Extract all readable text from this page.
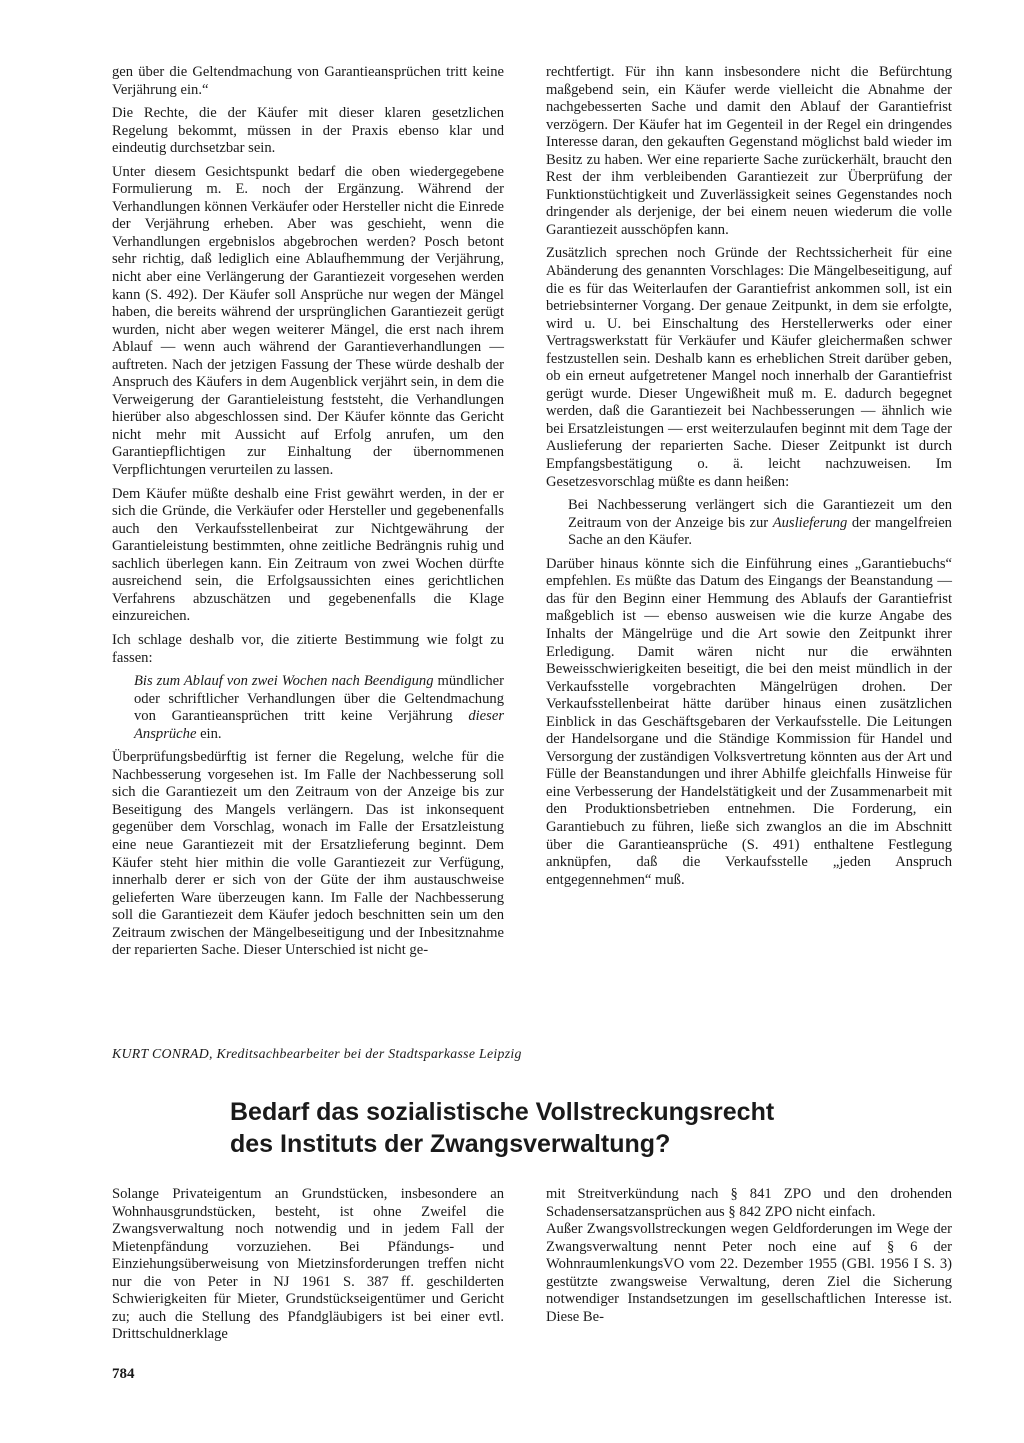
gen über die Geltendmachung von Garantieansprüchen tritt keine Verjährung ein.“

Die Rechte, die der Käufer mit dieser klaren gesetzlichen Regelung bekommt, müssen in der Praxis ebenso klar und eindeutig durchsetzbar sein.

Unter diesem Gesichtspunkt bedarf die oben wiedergegebene Formulierung m. E. noch der Ergänzung. Während der Verhandlungen können Verkäufer oder Hersteller nicht die Einrede der Verjährung erheben. Aber was geschieht, wenn die Verhandlungen ergebnislos abgebrochen werden? Posch betont sehr richtig, daß lediglich eine Ablaufhemmung der Verjährung, nicht aber eine Verlängerung der Garantiezeit vorgesehen werden kann (S. 492). Der Käufer soll Ansprüche nur wegen der Mängel haben, die bereits während der ursprünglichen Garantiezeit gerügt wurden, nicht aber wegen weiterer Mängel, die erst nach ihrem Ablauf — wenn auch während der Garantieverhandlungen — auftreten. Nach der jetzigen Fassung der These würde deshalb der Anspruch des Käufers in dem Augenblick verjährt sein, in dem die Verweigerung der Garantieleistung feststeht, die Verhandlungen hierüber also abgeschlossen sind. Der Käufer könnte das Gericht nicht mehr mit Aussicht auf Erfolg anrufen, um den Garantiepflichtigen zur Einhaltung der übernommenen Verpflichtungen verurteilen zu lassen.

Dem Käufer müßte deshalb eine Frist gewährt werden, in der er sich die Gründe, die Verkäufer oder Hersteller und gegebenenfalls auch den Verkaufsstellenbeirat zur Nichtgewährung der Garantieleistung bestimmten, ohne zeitliche Bedrängnis ruhig und sachlich überlegen kann. Ein Zeitraum von zwei Wochen dürfte ausreichend sein, die Erfolgsaussichten eines gerichtlichen Verfahrens abzuschätzen und gegebenenfalls die Klage einzureichen.

Ich schlage deshalb vor, die zitierte Bestimmung wie folgt zu fassen:

Bis zum Ablauf von zwei Wochen nach Beendigung mündlicher oder schriftlicher Verhandlungen über die Geltendmachung von Garantieansprüchen tritt keine Verjährung dieser Ansprüche ein.

Überprüfungsbedürftig ist ferner die Regelung, welche für die Nachbesserung vorgesehen ist. Im Falle der Nachbesserung soll sich die Garantiezeit um den Zeitraum von der Anzeige bis zur Beseitigung des Mangels verlängern. Das ist inkonsequent gegenüber dem Vorschlag, wonach im Falle der Ersatzleistung eine neue Garantiezeit mit der Ersatzlieferung beginnt. Dem Käufer steht hier mithin die volle Garantiezeit zur Verfügung, innerhalb derer er sich von der Güte der ihm austauschweise gelieferten Ware überzeugen kann. Im Falle der Nachbesserung soll die Garantiezeit dem Käufer jedoch beschnitten sein um den Zeitraum zwischen der Mängelbeseitigung und der Inbesitznahme der reparierten Sache. Dieser Unterschied ist nicht ge-

rechtfertigt. Für ihn kann insbesondere nicht die Befürchtung maßgebend sein, ein Käufer werde vielleicht die Abnahme der nachgebesserten Sache und damit den Ablauf der Garantiefrist verzögern. Der Käufer hat im Gegenteil in der Regel ein dringendes Interesse daran, den gekauften Gegenstand möglichst bald wieder im Besitz zu haben. Wer eine reparierte Sache zurückerhält, braucht den Rest der ihm verbleibenden Garantiezeit zur Überprüfung der Funktionstüchtigkeit und Zuverlässigkeit seines Gegenstandes noch dringender als derjenige, der bei einem neuen wiederum die volle Garantiezeit ausschöpfen kann.

Zusätzlich sprechen noch Gründe der Rechtssicherheit für eine Abänderung des genannten Vorschlages: Die Mängelbeseitigung, auf die es für das Weiterlaufen der Garantiefrist ankommen soll, ist ein betriebsinterner Vorgang. Der genaue Zeitpunkt, in dem sie erfolgte, wird u. U. bei Einschaltung des Herstellerwerks oder einer Vertragswerkstatt für Verkäufer und Käufer gleichermaßen schwer festzustellen sein. Deshalb kann es erheblichen Streit darüber geben, ob ein erneut aufgetretener Mangel noch innerhalb der Garantiefrist gerügt wurde. Dieser Ungewißheit muß m. E. dadurch begegnet werden, daß die Garantiezeit bei Nachbesserungen — ähnlich wie bei Ersatzleistungen — erst weiterzulaufen beginnt mit dem Tage der Auslieferung der reparierten Sache. Dieser Zeitpunkt ist durch Empfangsbestätigung o. ä. leicht nachzuweisen. Im Gesetzesvorschlag müßte es dann heißen:

Bei Nachbesserung verlängert sich die Garantiezeit um den Zeitraum von der Anzeige bis zur Auslieferung der mangelfreien Sache an den Käufer.

Darüber hinaus könnte sich die Einführung eines „Garantiebuchs“ empfehlen. Es müßte das Datum des Eingangs der Beanstandung — das für den Beginn einer Hemmung des Ablaufs der Garantiefrist maßgeblich ist — ebenso ausweisen wie die kurze Angabe des Inhalts der Mängelrüge und die Art sowie den Zeitpunkt ihrer Erledigung. Damit wären nicht nur die erwähnten Beweisschwierigkeiten beseitigt, die bei den meist mündlich in der Verkaufsstelle vorgebrachten Mängelrügen drohen. Der Verkaufsstellenbeirat hätte darüber hinaus einen zusätzlichen Einblick in das Geschäftsgebaren der Verkaufsstelle. Die Leitungen der Handelsorgane und die Ständige Kommission für Handel und Versorgung der zuständigen Volksvertretung könnten aus der Art und Fülle der Beanstandungen und ihrer Abhilfe gleichfalls Hinweise für eine Verbesserung der Handelstätigkeit und der Zusammenarbeit mit den Produktionsbetrieben entnehmen. Die Forderung, ein Garantiebuch zu führen, ließe sich zwanglos an die im Abschnitt über die Garantieansprüche (S. 491) enthaltene Festlegung anknüpfen, daß die Verkaufsstelle „jeden Anspruch entgegennehmen“ muß.

KURT CONRAD, Kreditsachbearbeiter bei der Stadtsparkasse Leipzig
Bedarf das sozialistische Vollstreckungsrecht
des Instituts der Zwangsverwaltung?

Solange Privateigentum an Grundstücken, insbesondere an Wohnhausgrundstücken, besteht, ist ohne Zweifel die Zwangsverwaltung noch notwendig und in jedem Fall der Mietenpfändung vorzuziehen. Bei Pfändungs- und Einziehungsüberweisung von Mietzinsforderungen treffen nicht nur die von Peter in NJ 1961 S. 387 ff. geschilderten Schwierigkeiten für Mieter, Grundstückseigentümer und Gericht zu; auch die Stellung des Pfandgläubigers ist bei einer evtl. Drittschuldnerklage

mit Streitverkündung nach § 841 ZPO und den drohenden Schadensersatzansprüchen aus § 842 ZPO nicht einfach.

Außer Zwangsvollstreckungen wegen Geldforderungen im Wege der Zwangsverwaltung nennt Peter noch eine auf § 6 der WohnraumlenkungsVO vom 22. Dezember 1955 (GBl. 1956 I S. 3) gestützte zwangsweise Verwaltung, deren Ziel die Sicherung notwendiger Instandsetzungen im gesellschaftlichen Interesse ist. Diese Be-

784
